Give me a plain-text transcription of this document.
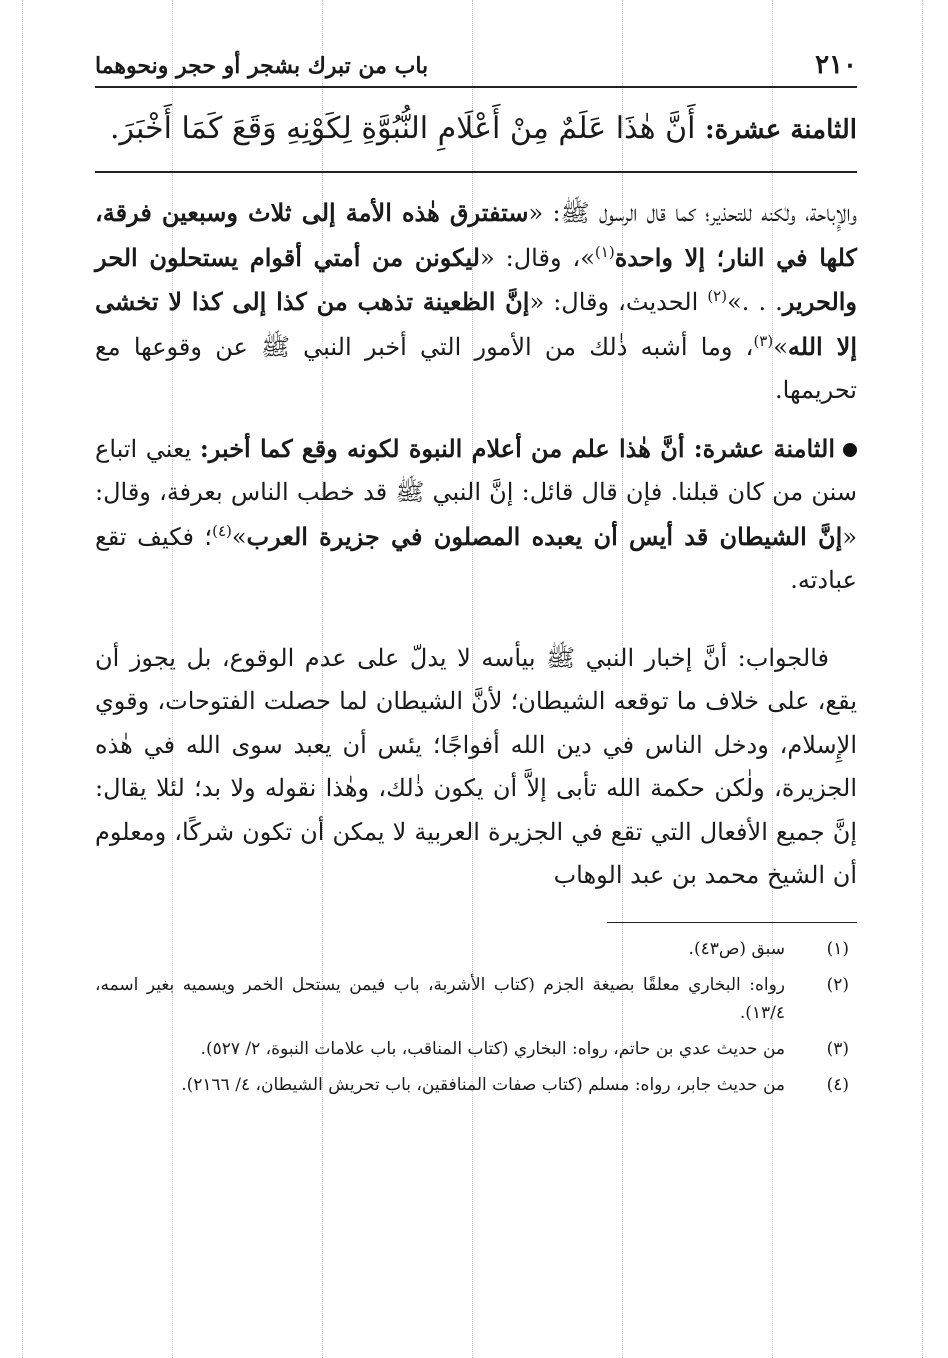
٢١٠
باب من تبرك بشجر أو حجر ونحوهما
الثامنة عشرة: أَنَّ هٰذَا عَلَمٌ مِنْ أَعْلَامِ النُّبُوَّةِ لِكَوْنِهِ وَقَعَ كَمَا أَخْبَرَ.

والإِباحة، ولٰكنه للتحذير؛ كما قال الرسول ﷺ: «ستفترق هٰذه الأمة إلى ثلاث وسبعين فرقة، كلها في النار؛ إلا واحدة$^{(١)}$»، وقال: «ليكونن من أمتي أقوام يستحلون الحر والحرير. . .»$^{(٢)}$ الحديث، وقال: «إنَّ الظعينة تذهب من كذا إلى كذا لا تخشى إلا الله»$^{(٣)}$، وما أشبه ذٰلك من الأمور التي أخبر النبي ﷺ عن وقوعها مع تحريمها.

الثامنة عشرة: أنَّ هٰذا علم من أعلام النبوة لكونه وقع كما أخبر: يعني اتباع سنن من كان قبلنا. فإن قال قائل: إنَّ النبي ﷺ قد خطب الناس بعرفة، وقال: «إنَّ الشيطان قد أيس أن يعبده المصلون في جزيرة العرب»$^{(٤)}$؛ فكيف تقع عبادته.

فالجواب: أنَّ إخبار النبي ﷺ بيأسه لا يدلّ على عدم الوقوع، بل يجوز أن يقع، على خلاف ما توقعه الشيطان؛ لأنَّ الشيطان لما حصلت الفتوحات، وقوي الإِسلام، ودخل الناس في دين الله أفواجًا؛ يئس أن يعبد سوى الله في هٰذه الجزيرة، ولٰكن حكمة الله تأبى إلاَّ أن يكون ذٰلك، وهٰذا نقوله ولا بد؛ لئلا يقال: إنَّ جميع الأفعال التي تقع في الجزيرة العربية لا يمكن أن تكون شركًا، ومعلوم أن الشيخ محمد بن عبد الوهاب

(١)
سبق (ص٤٣).
(٢)
رواه: البخاري معلقًا بصيغة الجزم (كتاب الأشربة، باب فيمن يستحل الخمر ويسميه بغير اسمه، ١٣/٤).
(٣)
من حديث عدي بن حاتم، رواه: البخاري (كتاب المناقب، باب علامات النبوة، ٢/ ٥٢٧).
(٤)
من حديث جابر، رواه: مسلم (كتاب صفات المنافقين، باب تحريش الشيطان، ٤/ ٢١٦٦).
